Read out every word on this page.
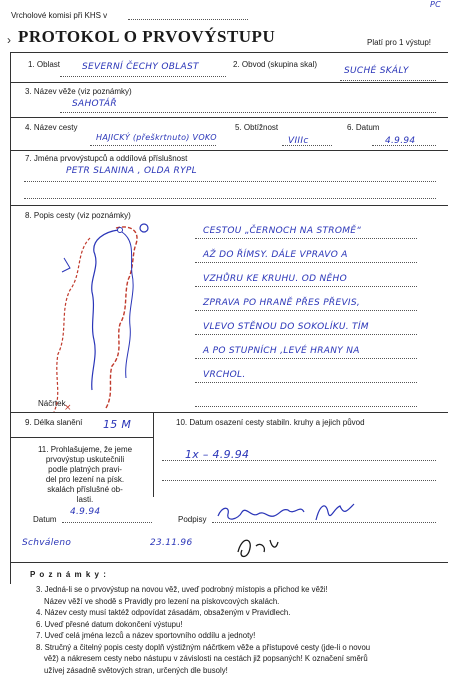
Vrcholové komisi při KHS v
PC
› PROTOKOL O PRVOVÝSTUPU	Platí pro 1 výstup!
1. Oblast SEVERNÍ ČECHY OBLAST	2. Obvod (skupina skal)
SUCHÉ SKÁLY
3. Název věže (viz poznámky)
SAHOTÁŘ
4. Název cesty
HAJICKÝ (přeškrtnuto) VOKO
5. Obtížnost
VIIIc
6. Datum
4.9.94
7. Jména prvovýstupců a oddílová příslušnost
PETR SLANINA , OLDA RYPL
8. Popis cesty (viz poznámky)
×
CESTOU „ČERNOCH NA STROMĚ“
AŽ DO ŘÍMSY. DÁLE VPRAVO A
VZHŮRU KE KRUHU. OD NĚHO
ZPRAVA PO HRANĚ PŘES PŘEVIS,
VLEVO STĚNOU DO SOKOLÍKU. TÍM
A PO STUPNÍCH ,LEVÉ HRANY NA
VRCHOL.
Náčrtek
9. Délka slanění 15 M	10. Datum osazení cesty stabiln. kruhy a jejich původ
1x – 4.9.94
11. Prohlašujeme, že jeme
prvovýstup uskutečnili
podle platných pravi-
del pro lezení na písk.
skalách příslušné ob-
lasti.
Datum
4.9.94
Podpisy
Schváleno	23.11.96
P o z n á m k y :
3. Jedná-li se o prvovýstup na novou věž, uveď podrobný místopis a přichod ke věži!
Název věží ve shodě s Pravidly pro lezení na pískovcových skalách.
4. Název cesty musí taktéž odpovídat zásadám, obsaženým v Pravidlech.
6. Uveď přesné datum dokončení výstupu!
7. Uveď celá jména lezců a název sportovního oddílu a jednoty!
8. Stručný a čitelný popis cesty doplň výstižným náčrtkem věže a přístupové cesty (jde-li o novou
věž) a nákresem cesty nebo nástupu v závislosti na cestách již popsaných! K označení směrů
užívej zásadně světových stran, určených dle busoly!
